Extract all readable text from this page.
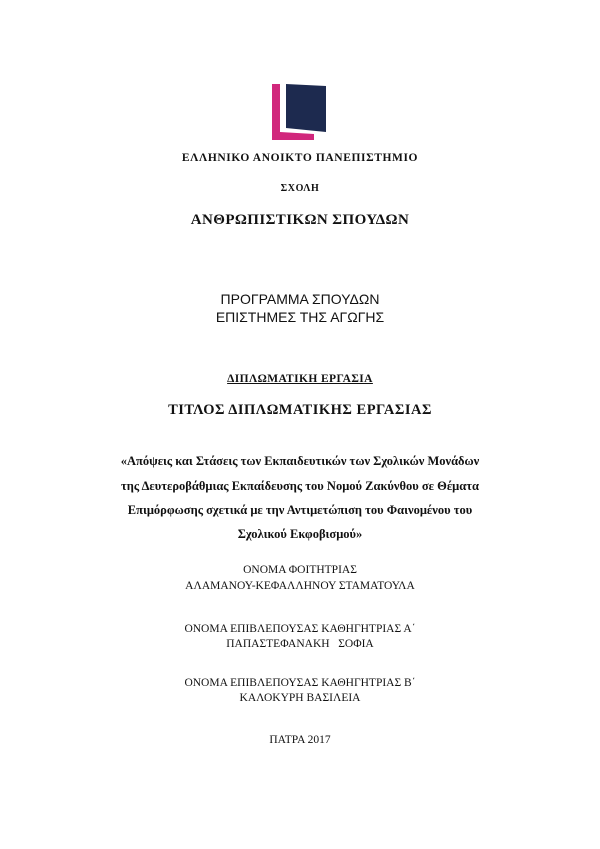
ΕΛΛΗΝΙΚΟ ΑΝΟΙΚΤΟ ΠΑΝΕΠΙΣΤΗΜΙΟ
ΣΧΟΛΗ
ΑΝΘΡΩΠΙΣΤΙΚΩΝ ΣΠΟΥΔΩΝ
ΠΡΟΓΡΑΜΜΑ ΣΠΟΥΔΩΝ
ΕΠΙΣΤΗΜΕΣ ΤΗΣ ΑΓΩΓΗΣ
ΔΙΠΛΩΜΑΤΙΚΗ ΕΡΓΑΣΙΑ
ΤΙΤΛΟΣ ΔΙΠΛΩΜΑΤΙΚΗΣ ΕΡΓΑΣΙΑΣ
«Απόψεις και Στάσεις των Εκπαιδευτικών των Σχολικών Μονάδων
της Δευτεροβάθμιας Εκπαίδευσης του Νομού Ζακύνθου σε Θέματα
Επιμόρφωσης σχετικά με την Αντιμετώπιση του Φαινομένου του
Σχολικού Εκφοβισμού»
ΟΝΟΜΑ ΦΟΙΤΗΤΡΙΑΣ
ΑΛΑΜΑΝΟΥ-ΚΕΦΑΛΛΗΝΟΥ ΣΤΑΜΑΤΟΥΛΑ
ΟΝΟΜΑ ΕΠΙΒΛΕΠΟΥΣΑΣ ΚΑΘΗΓΗΤΡΙΑΣ Α΄
ΠΑΠΑΣΤΕΦΑΝΑΚΗ   ΣΟΦΙΑ
ΟΝΟΜΑ ΕΠΙΒΛΕΠΟΥΣΑΣ ΚΑΘΗΓΗΤΡΙΑΣ Β΄
ΚΑΛΟΚΥΡΗ ΒΑΣΙΛΕΙΑ
ΠΑΤΡΑ 2017
